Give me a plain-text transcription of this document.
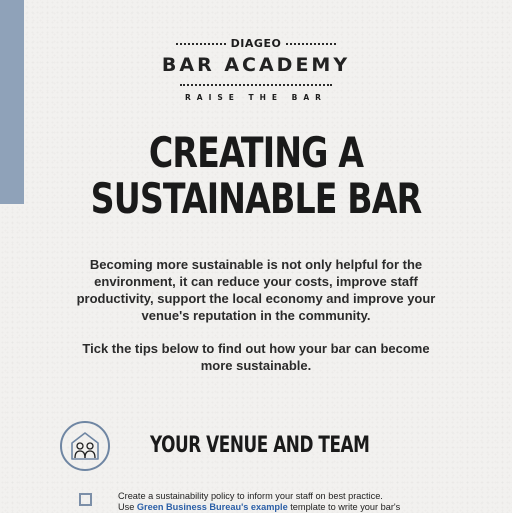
DIAGEO
BAR ACADEMY
RAISE THE BAR
CREATING A
SUSTAINABLE BAR

Becoming more sustainable is not only helpful for the environment, it can reduce your costs, improve staff productivity, support the local economy and improve your venue's reputation in the community.

Tick the tips below to find out how your bar can become more sustainable.

YOUR VENUE AND TEAM
Create a sustainability policy to inform your staff on best practice.
Use Green Business Bureau's example template to write your bar's
